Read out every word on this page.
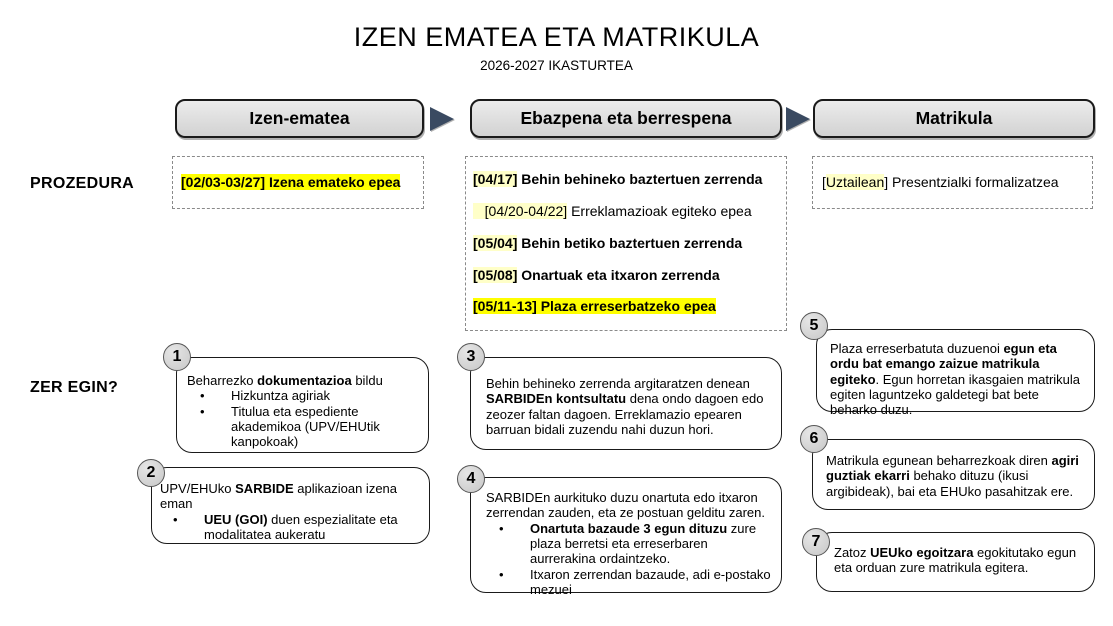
IZEN EMATEA ETA MATRIKULA
2026-2027 IKASTURTEA
Izen-ematea	Ebazpena eta berrespena	Matrikula
PROZEDURA
ZER EGIN?
[02/03-03/27] Izena emateko epea	[04/17] Behin behineko baztertuen zerrenda
[04/20-04/22] Erreklamazioak egiteko epea
[05/04] Behin betiko baztertuen zerrenda
[05/08] Onartuak eta itxaron zerrenda
[05/11-13] Plaza erreserbatzeko epea
[Uztailean] Presentzialki formalizatzea
1

Beharrezko dokumentazioa bildu

• Hizkuntza agiriak
• Titulua eta espediente akademikoa (UPV/EHUtik kanpokoak)
2

UPV/EHUko SARBIDE aplikazioan izena eman

• UEU (GOI) duen espezialitate eta modalitatea aukeratu
3

Behin behineko zerrenda argitaratzen denean SARBIDEn kontsultatu dena ondo dagoen edo zeozer faltan dagoen. Erreklamazio epearen barruan bidali zuzendu nahi duzun hori.

4

SARBIDEn aurkituko duzu onartuta edo itxaron zerrendan zauden, eta ze postuan gelditu zaren.

• Onartuta bazaude 3 egun dituzu zure plaza berretsi eta erreserbaren aurrerakina ordaintzeko.
• Itxaron zerrendan bazaude, adi e-postako mezuei
5

Plaza erreserbatuta duzuenoi egun eta ordu bat emango zaizue matrikula egiteko. Egun horretan ikasgaien matrikula egiten laguntzeko galdetegi bat bete beharko duzu.

6

Matrikula egunean beharrezkoak diren agiri guztiak ekarri behako dituzu (ikusi argibideak), bai eta EHUko pasahitzak ere.

7

Zatoz UEUko egoitzara egokitutako egun eta orduan zure matrikula egitera.
